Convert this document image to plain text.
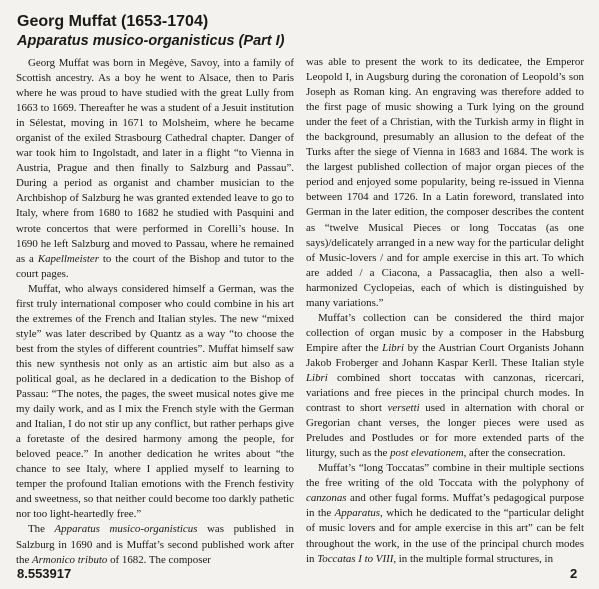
Georg Muffat (1653-1704)
Apparatus musico-organisticus (Part I)

Georg Muffat was born in Megève, Savoy, into a family of Scottish ancestry. As a boy he went to Alsace, then to Paris where he was proud to have studied with the great Lully from 1663 to 1669. Thereafter he was a student of a Jesuit institution in Sélestat, moving in 1671 to Molsheim, where he became organist of the exiled Strasbourg Cathedral chapter. Danger of war took him to Ingolstadt, and later in a flight “to Vienna in Austria, Prague and then finally to Salzburg and Passau”. During a period as organist and chamber musician to the Archbishop of Salzburg he was granted extended leave to go to Italy, where from 1680 to 1682 he studied with Pasquini and wrote concertos that were performed in Corelli’s house. In 1690 he left Salzburg and moved to Passau, where he remained as a Kapellmeister to the court of the Bishop and tutor to the court pages.

Muffat, who always considered himself a German, was the first truly international composer who could combine in his art the extremes of the French and Italian styles. The new “mixed style” was later described by Quantz as a way “to choose the best from the styles of different countries”. Muffat himself saw this new synthesis not only as an artistic aim but also as a political goal, as he declared in a dedication to the Bishop of Passau: “The notes, the pages, the sweet musical notes give me my daily work, and as I mix the French style with the German and Italian, I do not stir up any conflict, but rather perhaps give a foretaste of the desired harmony among the people, for beloved peace.” In another dedication he writes about “the chance to see Italy, where I applied myself to learning to temper the profound Italian emotions with the French festivity and sweetness, so that neither could become too darkly pathetic nor too light-heartedly free.”

The Apparatus musico-organisticus was published in Salzburg in 1690 and is Muffat’s second published work after the Armonico tributo of 1682. The composer

was able to present the work to its dedicatee, the Emperor Leopold I, in Augsburg during the coronation of Leopold’s son Joseph as Roman king. An engraving was therefore added to the first page of music showing a Turk lying on the ground under the feet of a Christian, with the Turkish army in flight in the background, presumably an allusion to the defeat of the Turks after the siege of Vienna in 1683 and 1684. The work is the largest published collection of major organ pieces of the period and enjoyed some popularity, being re-issued in Vienna between 1704 and 1726. In a Latin foreword, translated into German in the later edition, the composer describes the content as “twelve Musical Pieces or long Toccatas (as one says)/delicately arranged in a new way for the particular delight of Music-lovers / and for ample exercise in this art. To which are added / a Ciacona, a Passacaglia, then also a well-harmonized Cyclopeias, each of which is distinguished by many variations.”

Muffat’s collection can be considered the third major collection of organ music by a composer in the Habsburg Empire after the Libri by the Austrian Court Organists Johann Jakob Froberger and Johann Kaspar Kerll. These Italian style Libri combined short toccatas with canzonas, ricercari, variations and free pieces in the principal church modes. In contrast to short versetti used in alternation with choral or Gregorian chant verses, the longer pieces were used as Preludes and Postludes or for more extended parts of the liturgy, such as the post elevationem, after the consecration.

Muffat’s “long Toccatas” combine in their multiple sections the free writing of the old Toccata with the polyphony of canzonas and other fugal forms. Muffat’s pedagogical purpose in the Apparatus, which he dedicated to the “particular delight of music lovers and for ample exercise in this art” can be felt throughout the work, in the use of the principal church modes in Toccatas I to VIII, in the multiple formal structures, in

8.553917	2
